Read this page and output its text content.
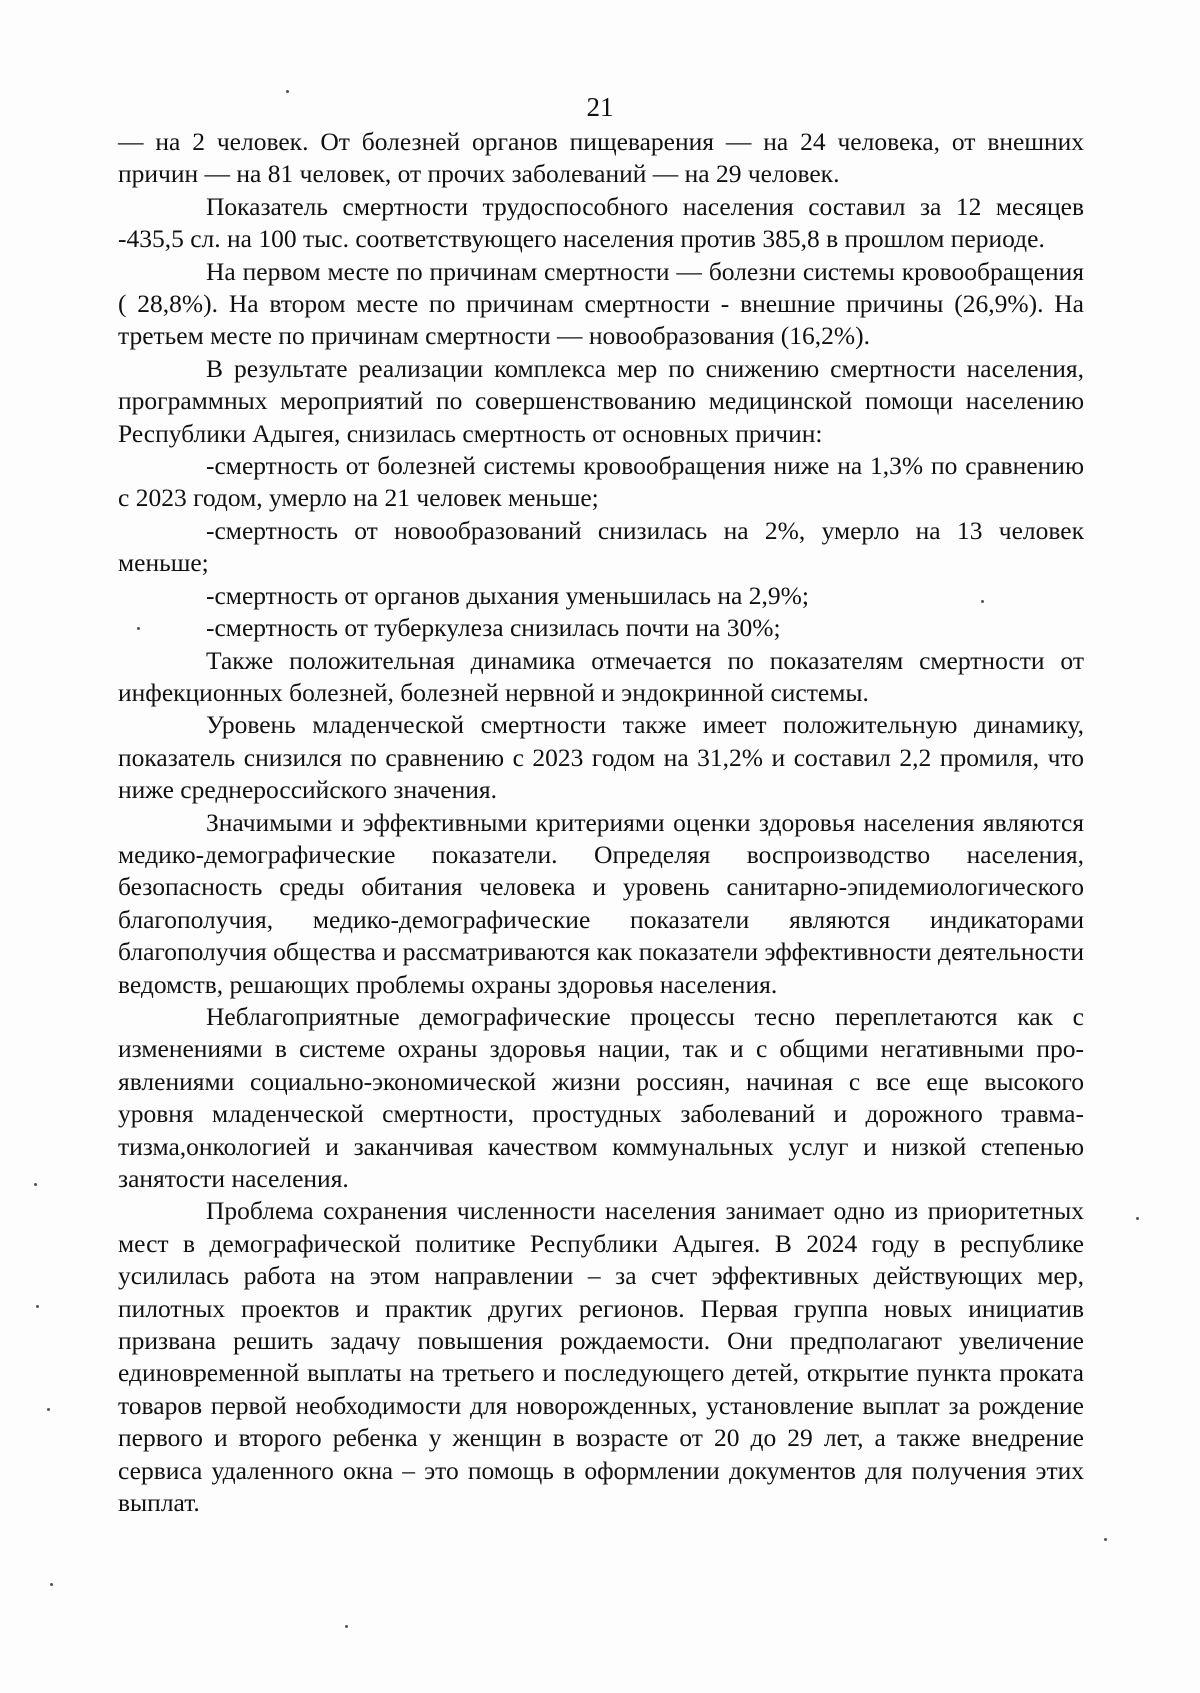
21

— на 2 человек. От болезней органов пищеварения — на 24 человека, от внешних причин — на 81 человек, от прочих заболеваний — на 29 человек.

Показатель смертности трудоспособного населения составил за 12 месяцев -435,5 сл. на 100 тыс. соответствующего населения против 385,8 в прошлом периоде.

На первом месте по причинам смертности — болезни системы кровообращения ( 28,8%). На втором месте по причинам смертности - внешние причины (26,9%). На третьем месте по причинам смертности — новообразования (16,2%).

В результате реализации комплекса мер по снижению смертности населения, программных мероприятий по совершенствованию медицинской помощи населению Республики Адыгея, снизилась смертность от основных причин:

-смертность от болезней системы кровообращения ниже на 1,3% по сравнению с 2023 годом, умерло на 21 человек меньше;

-смертность от новообразований снизилась на 2%, умерло на 13 человек меньше;

-смертность от органов дыхания уменьшилась на 2,9%;

-смертность от туберкулеза снизилась почти на 30%;

Также положительная динамика отмечается по показателям смертности от инфекционных болезней, болезней нервной и эндокринной системы.

Уровень младенческой смертности также имеет положительную динамику, показатель снизился по сравнению с 2023 годом на 31,2% и составил 2,2 промиля, что ниже среднероссийского значения.

Значимыми и эффективными критериями оценки здоровья населения являются медико-демографические показатели. Определяя воспроизводство населения, безопасность среды обитания человека и уровень санитарно-эпидемиологического благополучия, медико-демографические показатели являются индикаторами благополучия общества и рассматриваются как показатели эффективности деятельности ведомств, решающих проблемы охраны здоровья населения.

Неблагоприятные демографические процессы тесно переплетаются как с изменениями в системе охраны здоровья нации, так и с общими негативными проявлениями социально-экономической жизни россиян, начиная с все еще высокого уровня младенческой смертности, простудных заболеваний и дорожного травматизма,онкологией и заканчивая качеством коммунальных услуг и низкой степенью занятости населения.

Проблема сохранения численности населения занимает одно из приоритетных мест в демографической политике Республики Адыгея. В 2024 году в республике усилилась работа на этом направлении – за счет эффективных действующих мер, пилотных проектов и практик других регионов. Первая группа новых инициатив призвана решить задачу повышения рождаемости. Они предполагают увеличение единовременной выплаты на третьего и последующего детей, открытие пункта проката товаров первой необходимости для новорожденных, установление выплат за рождение первого и второго ребенка у женщин в возрасте от 20 до 29 лет, а также внедрение сервиса удаленного окна – это помощь в оформлении документов для получения этих выплат.
